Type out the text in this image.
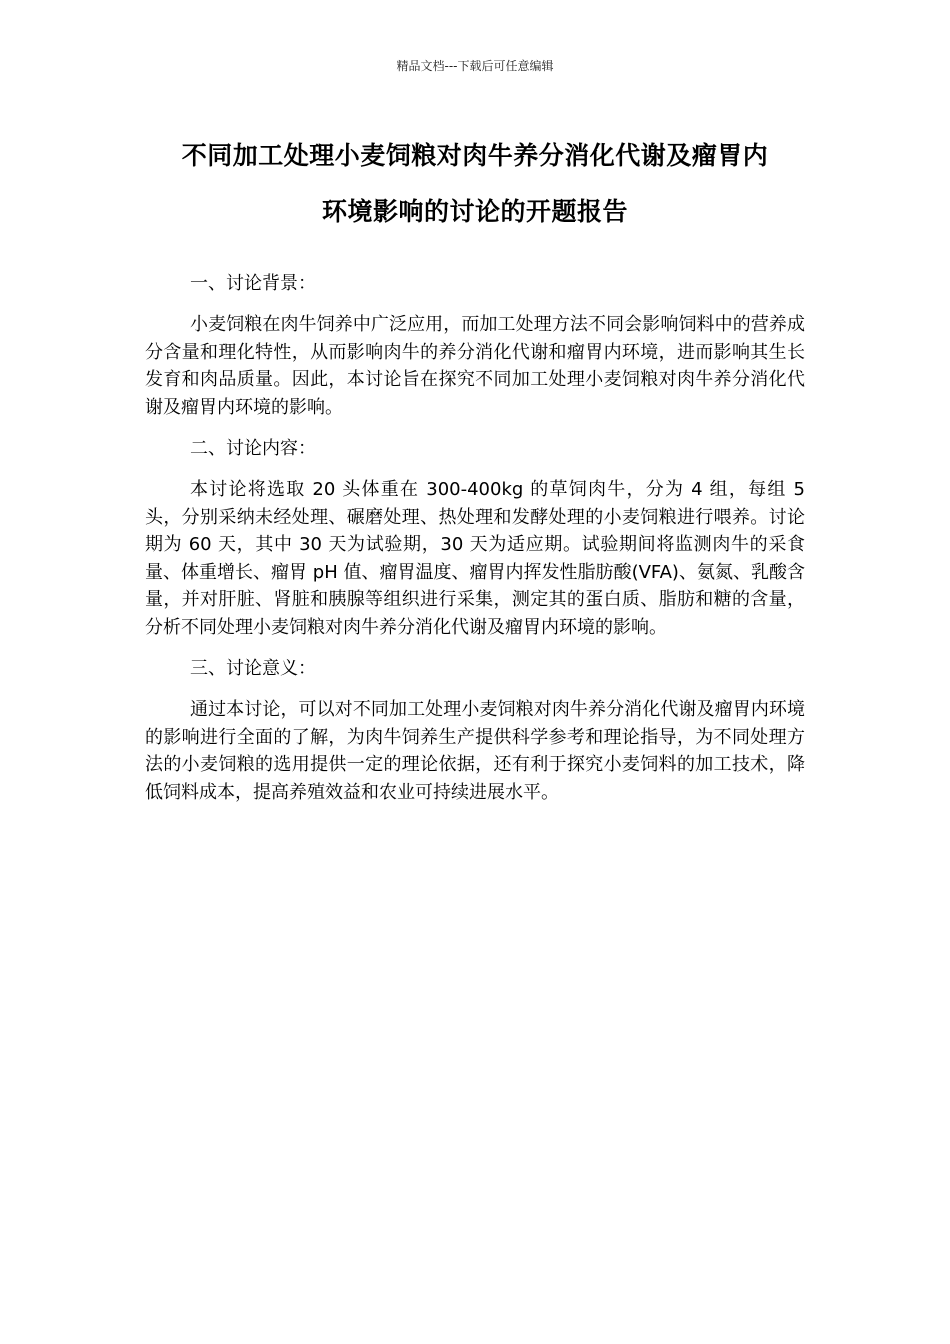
精品文档---下载后可任意编辑
不同加工处理小麦饲粮对肉牛养分消化代谢及瘤胃内
环境影响的讨论的开题报告
一、讨论背景：
小麦饲粮在肉牛饲养中广泛应用，而加工处理方法不同会影响饲料中的营养成分含量和理化特性，从而影响肉牛的养分消化代谢和瘤胃内环境，进而影响其生长发育和肉品质量。因此，本讨论旨在探究不同加工处理小麦饲粮对肉牛养分消化代谢及瘤胃内环境的影响。
二、讨论内容：
本讨论将选取 20 头体重在 300-400kg 的草饲肉牛，分为 4 组，每组 5 头，分别采纳未经处理、碾磨处理、热处理和发酵处理的小麦饲粮进行喂养。讨论期为 60 天，其中 30 天为试验期，30 天为适应期。试验期间将监测肉牛的采食量、体重增长、瘤胃 pH 值、瘤胃温度、瘤胃内挥发性脂肪酸(VFA)、氨氮、乳酸含量，并对肝脏、肾脏和胰腺等组织进行采集，测定其的蛋白质、脂肪和糖的含量，分析不同处理小麦饲粮对肉牛养分消化代谢及瘤胃内环境的影响。
三、讨论意义：
通过本讨论，可以对不同加工处理小麦饲粮对肉牛养分消化代谢及瘤胃内环境的影响进行全面的了解，为肉牛饲养生产提供科学参考和理论指导，为不同处理方法的小麦饲粮的选用提供一定的理论依据，还有利于探究小麦饲料的加工技术，降低饲料成本，提高养殖效益和农业可持续进展水平。
